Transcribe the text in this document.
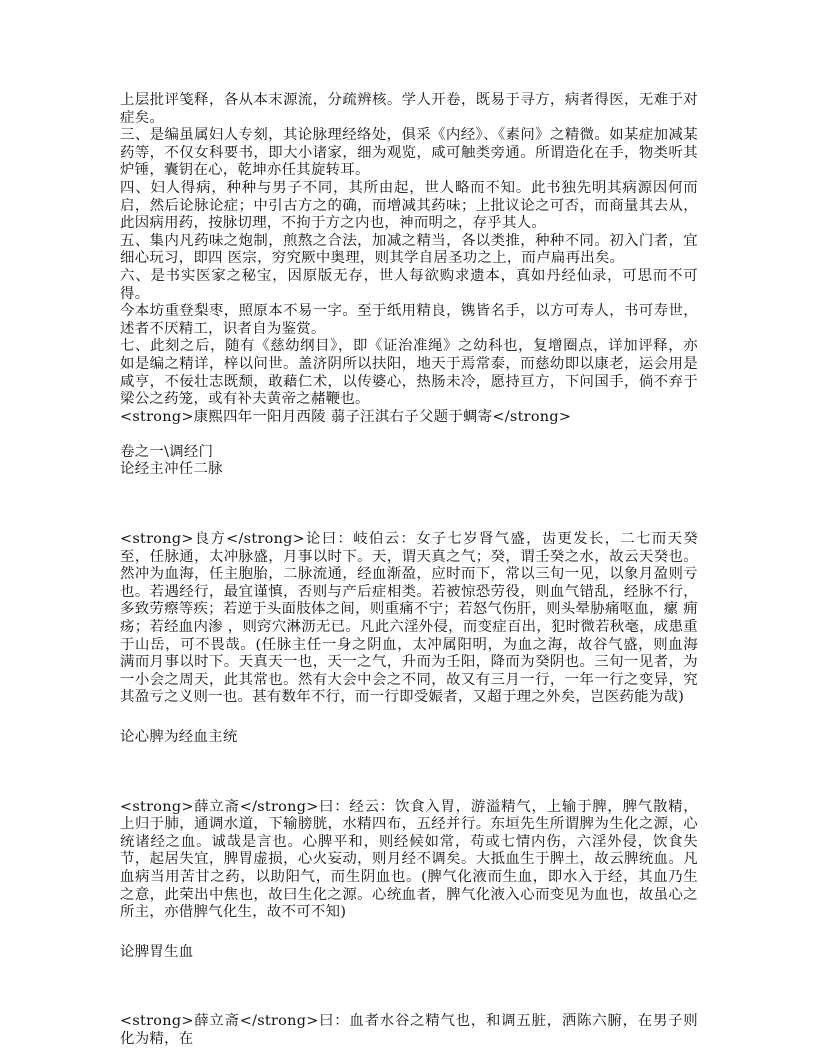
上层批评笺释，各从本末源流，分疏辨核。学人开卷，既易于寻方，病者得医，无难于对症矣。

三、是编虽属妇人专刻，其论脉理经络处，俱采《内经》、《素问》之精微。如某症加减某药等，不仅女科要书，即大小诸家，细为观览，咸可触类旁通。所谓造化在手，物类听其炉锤，囊钥在心，乾坤亦任其旋转耳。

四、妇人得病，种种与男子不同，其所由起，世人略而不知。此书独先明其病源因何而启，然后论脉论症；中引古方之的确，而增减其药味；上批议论之可否，而商量其去从，此因病用药，按脉切理，不拘于方之内也，神而明之，存乎其人。

五、集内凡药味之炮制，煎熬之合法，加减之精当，各以类推，种种不同。初入门者，宜细心玩习，即四 医宗，穷究厥中奥理，则其学自居圣功之上，而卢扁再出矣。

六、是书实医家之秘宝，因原版无存，世人每欲购求遗本，真如丹经仙录，可思而不可得。

今本坊重登梨枣，照原本不易一字。至于纸用精良，镌皆名手，以方可寿人，书可寿世，述者不厌精工，识者自为鉴赏。

七、此刻之后，随有《慈幼纲目》，即《证治准绳》之幼科也，复增圈点，详加评释，亦如是编之精详，梓以问世。盖济阴所以扶阳，地天于焉常泰，而慈幼即以康老，运会用是咸亨，不佞壮志既颓，敢藉仁术，以传婆心，热肠未冷，愿持亘方，下问国手，倘不弃于梁公之药笼，或有补夫黄帝之赭鞭也。

<strong>康熙四年一阳月西陵 蒻子汪淇右子父题于蜩寄</strong>

卷之一\调经门

论经主冲任二脉

<strong>良方</strong>论曰：岐伯云：女子七岁肾气盛，齿更发长，二七而天癸至，任脉通，太冲脉盛，月事以时下。天，谓天真之气；癸，谓壬癸之水，故云天癸也。然冲为血海，任主胞胎，二脉流通，经血渐盈，应时而下，常以三旬一见，以象月盈则亏也。若遇经行，最宜谨慎，否则与产后症相类。若被惊恐劳役，则血气错乱，经脉不行，多致劳瘵等疾；若逆于头面肢体之间，则重痛不宁；若怒气伤肝，则头晕胁痛呕血，瘰 痈疡；若经血内渗 ，则窍穴淋沥无已。凡此六淫外侵，而变症百出，犯时微若秋毫，成患重于山岳，可不畏哉。(任脉主任一身之阴血，太冲属阳明，为血之海，故谷气盛，则血海满而月事以时下。天真天一也，天一之气，升而为壬阳，降而为癸阴也。三旬一见者，为一小会之周天，此其常也。然有大会中会之不同，故又有三月一行，一年一行之变异，究其盈亏之义则一也。甚有数年不行，而一行即受娠者，又超于理之外矣，岂医药能为哉)

论心脾为经血主统

<strong>薛立斋</strong>曰：经云：饮食入胃，游溢精气，上输于脾，脾气散精，上归于肺，通调水道，下输膀胱，水精四布，五经并行。东垣先生所谓脾为生化之源，心统诸经之血。诚哉是言也。心脾平和，则经候如常，苟或七情内伤，六淫外侵，饮食失节，起居失宜，脾胃虚损，心火妄动，则月经不调矣。大抵血生于脾土，故云脾统血。凡血病当用苦甘之药，以助阳气，而生阴血也。(脾气化液而生血，即水入于经，其血乃生之意，此荣出中焦也，故曰生化之源。心统血者，脾气化液入心而变见为血也，故虽心之所主，亦借脾气化生，故不可不知)

论脾胃生血

<strong>薛立斋</strong>曰：血者水谷之精气也，和调五脏，洒陈六腑，在男子则化为精，在
